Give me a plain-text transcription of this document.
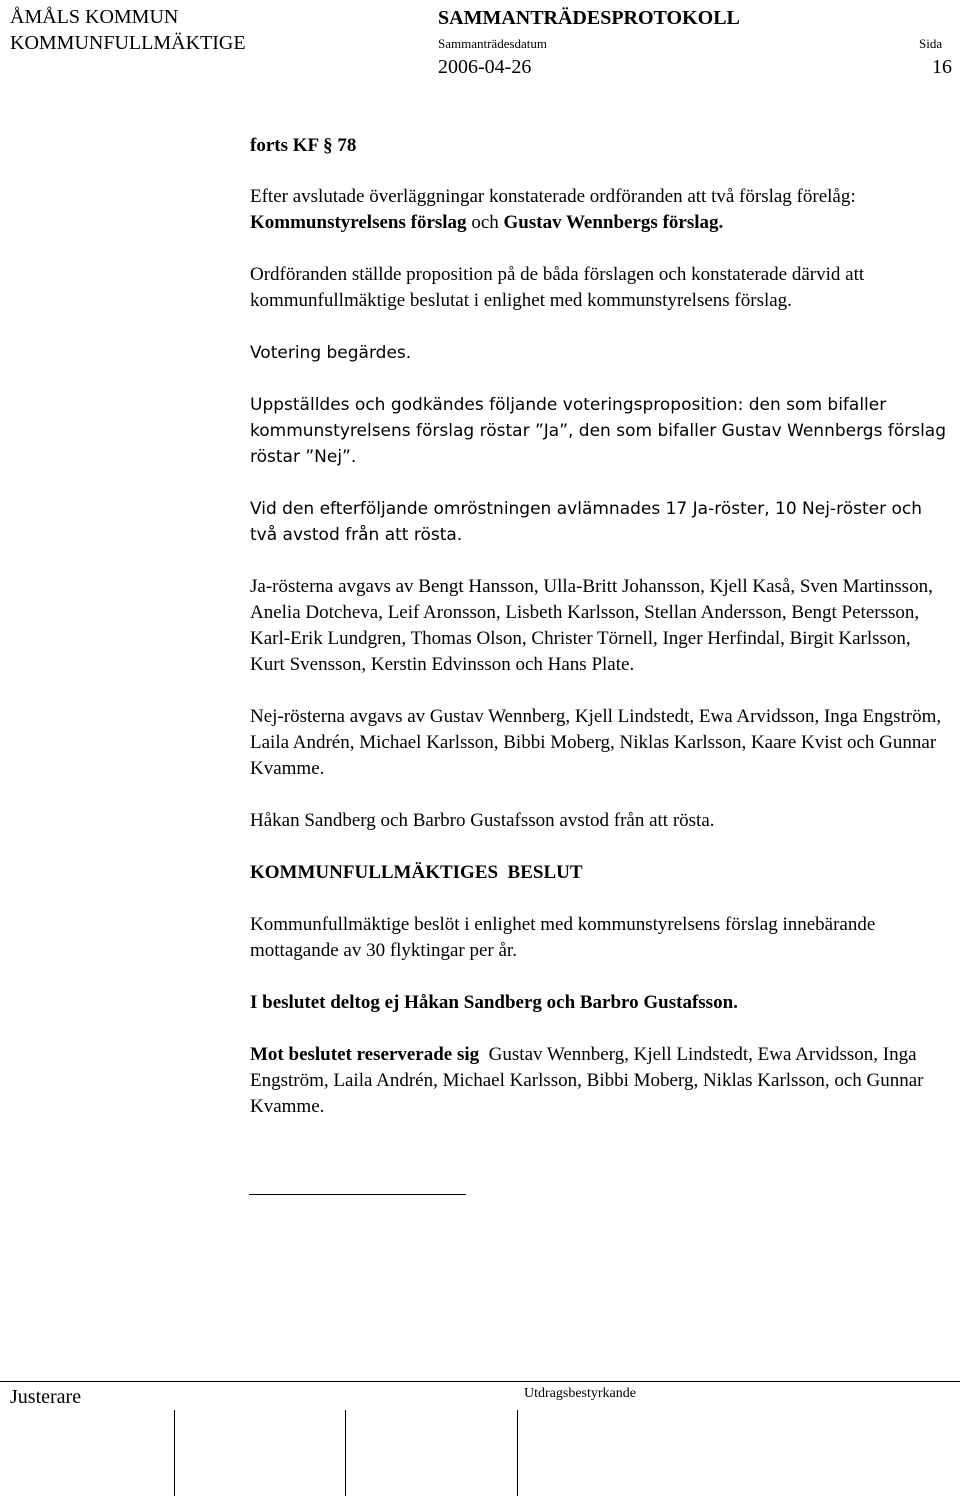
ÅMÅLS KOMMUN
KOMMUNFULLMÄKTIGE
SAMMANTRÄDESPROTOKOLL
Sammanträdesdatum	Sida
2006-04-26	16

forts KF § 78

Efter avslutade överläggningar konstaterade ordföranden att två förslag förelåg: Kommunstyrelsens förslag och Gustav Wennbergs förslag.

Ordföranden ställde proposition på de båda förslagen och konstaterade därvid att kommunfullmäktige beslutat i enlighet med kommunstyrelsens förslag.

Votering begärdes.

Uppställdes och godkändes följande voteringsproposition: den som bifaller kommunstyrelsens förslag röstar ”Ja”, den som bifaller Gustav Wennbergs förslag röstar ”Nej”.

Vid den efterföljande omröstningen avlämnades 17 Ja-röster, 10 Nej-röster och två avstod från att rösta.

Ja-rösterna avgavs av Bengt Hansson, Ulla-Britt Johansson, Kjell Kaså, Sven Martinsson, Anelia Dotcheva, Leif Aronsson, Lisbeth Karlsson, Stellan Andersson, Bengt Petersson, Karl-Erik Lundgren, Thomas Olson, Christer Törnell, Inger Herfindal, Birgit Karlsson, Kurt Svensson, Kerstin Edvinsson och Hans Plate.

Nej-rösterna avgavs av Gustav Wennberg, Kjell Lindstedt, Ewa Arvidsson, Inga Engström, Laila Andrén, Michael Karlsson, Bibbi Moberg, Niklas Karlsson, Kaare Kvist och Gunnar Kvamme.

Håkan Sandberg och Barbro Gustafsson avstod från att rösta.

KOMMUNFULLMÄKTIGES  BESLUT

Kommunfullmäktige beslöt i enlighet med kommunstyrelsens förslag innebärande mottagande av 30 flyktingar per år.

I beslutet deltog ej Håkan Sandberg och Barbro Gustafsson.

Mot beslutet reserverade sig  Gustav Wennberg, Kjell Lindstedt, Ewa Arvidsson, Inga Engström, Laila Andrén, Michael Karlsson, Bibbi Moberg, Niklas Karlsson, och Gunnar Kvamme.

Justerare	Utdragsbestyrkande
